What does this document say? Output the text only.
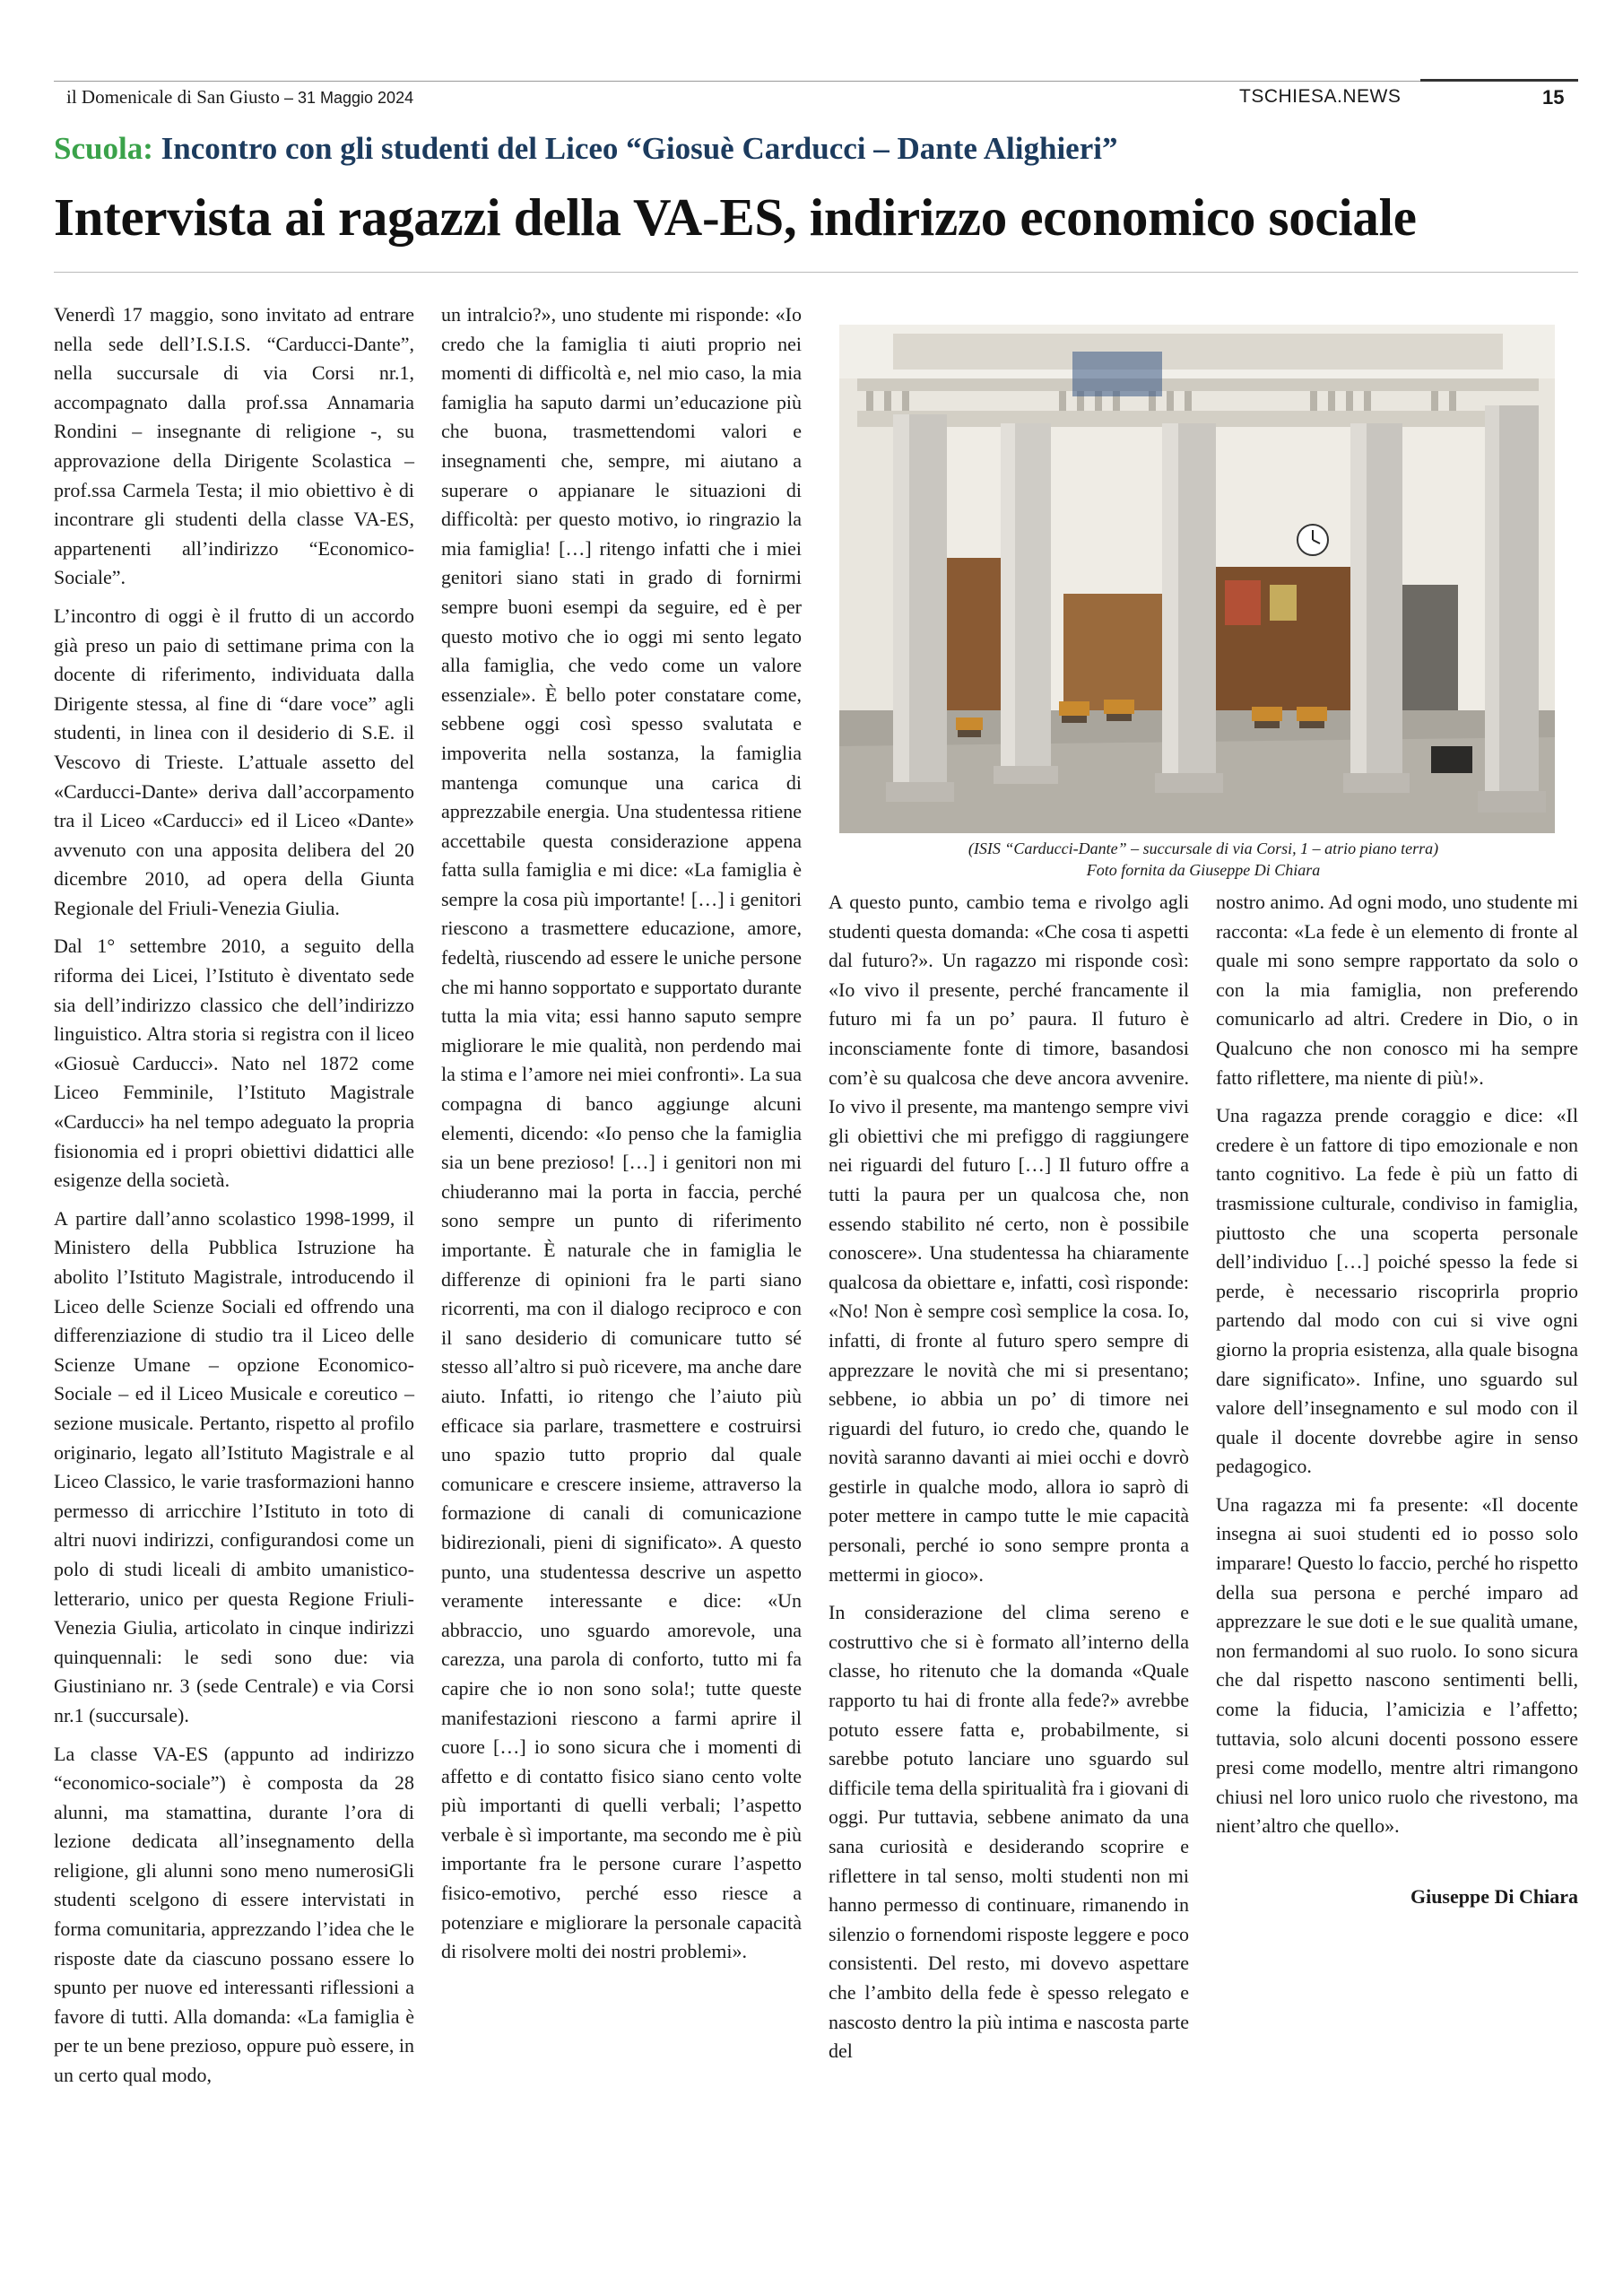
il Domenicale di San Giusto – 31 Maggio 2024	TSCHIESA.NEWS	15
Scuola: Incontro con gli studenti del Liceo “Giosuè Carducci – Dante Alighieri”
Intervista ai ragazzi della VA-ES, indirizzo economico sociale

Venerdì 17 maggio, sono invitato ad entrare nella sede dell’I.S.I.S. “Carducci-Dante”, nella succursale di via Corsi nr.1, accompagnato dalla prof.ssa Annamaria Rondini – insegnante di religione -, su approvazione della Dirigente Scolastica – prof.ssa Carmela Testa; il mio obiettivo è di incontrare gli studenti della classe VA-ES, appartenenti all’indirizzo “Economico-Sociale”.

L’incontro di oggi è il frutto di un accordo già preso un paio di settimane prima con la docente di riferimento, individuata dalla Dirigente stessa, al fine di “dare voce” agli studenti, in linea con il desiderio di S.E. il Vescovo di Trieste. L’attuale assetto del «Carducci-Dante» deriva dall’accorpamento tra il Liceo «Carducci» ed il Liceo «Dante» avvenuto con una apposita delibera del 20 dicembre 2010, ad opera della Giunta Regionale del Friuli-Venezia Giulia.

Dal 1° settembre 2010, a seguito della riforma dei Licei, l’Istituto è diventato sede sia dell’indirizzo classico che dell’indirizzo linguistico. Altra storia si registra con il liceo «Giosuè Carducci». Nato nel 1872 come Liceo Femminile, l’Istituto Magistrale «Carducci» ha nel tempo adeguato la propria fisionomia ed i propri obiettivi didattici alle esigenze della società.

A partire dall’anno scolastico 1998-1999, il Ministero della Pubblica Istruzione ha abolito l’Istituto Magistrale, introducendo il Liceo delle Scienze Sociali ed offrendo una differenziazione di studio tra il Liceo delle Scienze Umane – opzione Economico-Sociale – ed il Liceo Musicale e coreutico – sezione musicale. Pertanto, rispetto al profilo originario, legato all’Istituto Magistrale e al Liceo Classico, le varie trasformazioni hanno permesso di arricchire l’Istituto in toto di altri nuovi indirizzi, configurandosi come un polo di studi liceali di ambito umanistico-letterario, unico per questa Regione Friuli-Venezia Giulia, articolato in cinque indirizzi quinquennali: le sedi sono due: via Giustiniano nr. 3 (sede Centrale) e via Corsi nr.1 (succursale).

La classe VA-ES (appunto ad indirizzo “economico-sociale”) è composta da 28 alunni, ma stamattina, durante l’ora di lezione dedicata all’insegnamento della religione, gli alunni sono meno numerosiGli studenti scelgono di essere intervistati in forma comunitaria, apprezzando l’idea che le risposte date da ciascuno possano essere lo spunto per nuove ed interessanti riflessioni a favore di tutti. Alla domanda: «La famiglia è per te un bene prezioso, oppure può essere, in un certo qual modo,

un intralcio?», uno studente mi risponde: «Io credo che la famiglia ti aiuti proprio nei momenti di difficoltà e, nel mio caso, la mia famiglia ha saputo darmi un’educazione più che buona, trasmettendomi valori e insegnamenti che, sempre, mi aiutano a superare o appianare le situazioni di difficoltà: per questo motivo, io ringrazio la mia famiglia! […] ritengo infatti che i miei genitori siano stati in grado di fornirmi sempre buoni esempi da seguire, ed è per questo motivo che io oggi mi sento legato alla famiglia, che vedo come un valore essenziale». È bello poter constatare come, sebbene oggi così spesso svalutata e impoverita nella sostanza, la famiglia mantenga comunque una carica di apprezzabile energia. Una studentessa ritiene accettabile questa considerazione appena fatta sulla famiglia e mi dice: «La famiglia è sempre la cosa più importante! […] i genitori riescono a trasmettere educazione, amore, fedeltà, riuscendo ad essere le uniche persone che mi hanno sopportato e supportato durante tutta la mia vita; essi hanno saputo sempre migliorare le mie qualità, non perdendo mai la stima e l’amore nei miei confronti». La sua compagna di banco aggiunge alcuni elementi, dicendo: «Io penso che la famiglia sia un bene prezioso! […] i genitori non mi chiuderanno mai la porta in faccia, perché sono sempre un punto di riferimento importante. È naturale che in famiglia le differenze di opinioni fra le parti siano ricorrenti, ma con il dialogo reciproco e con il sano desiderio di comunicare tutto sé stesso all’altro si può ricevere, ma anche dare aiuto. Infatti, io ritengo che l’aiuto più efficace sia parlare, trasmettere e costruirsi uno spazio tutto proprio dal quale comunicare e crescere insieme, attraverso la formazione di canali di comunicazione bidirezionali, pieni di significato». A questo punto, una studentessa descrive un aspetto veramente interessante e dice: «Un abbraccio, uno sguardo amorevole, una carezza, una parola di conforto, tutto mi fa capire che io non sono sola!; tutte queste manifestazioni riescono a farmi aprire il cuore […] io sono sicura che i momenti di affetto e di contatto fisico siano cento volte più importanti di quelli verbali; l’aspetto verbale è sì importante, ma secondo me è più importante fra le persone curare l’aspetto fisico-emotivo, perché esso riesce a potenziare e migliorare la personale capacità di risolvere molti dei nostri problemi».

(ISIS “Carducci-Dante” – succursale di via Corsi, 1 – atrio piano terra)
Foto fornita da Giuseppe Di Chiara

A questo punto, cambio tema e rivolgo agli studenti questa domanda: «Che cosa ti aspetti dal futuro?». Un ragazzo mi risponde così: «Io vivo il presente, perché francamente il futuro mi fa un po’ paura. Il futuro è inconsciamente fonte di timore, basandosi com’è su qualcosa che deve ancora avvenire. Io vivo il presente, ma mantengo sempre vivi gli obiettivi che mi prefiggo di raggiungere nei riguardi del futuro […] Il futuro offre a tutti la paura per un qualcosa che, non essendo stabilito né certo, non è possibile conoscere». Una studentessa ha chiaramente qualcosa da obiettare e, infatti, così risponde: «No! Non è sempre così semplice la cosa. Io, infatti, di fronte al futuro spero sempre di apprezzare le novità che mi si presentano; sebbene, io abbia un po’ di timore nei riguardi del futuro, io credo che, quando le novità saranno davanti ai miei occhi e dovrò gestirle in qualche modo, allora io saprò di poter mettere in campo tutte le mie capacità personali, perché io sono sempre pronta a mettermi in gioco».

In considerazione del clima sereno e costruttivo che si è formato all’interno della classe, ho ritenuto che la domanda «Quale rapporto tu hai di fronte alla fede?» avrebbe potuto essere fatta e, probabilmente, si sarebbe potuto lanciare uno sguardo sul difficile tema della spiritualità fra i giovani di oggi. Pur tuttavia, sebbene animato da una sana curiosità e desiderando scoprire e riflettere in tal senso, molti studenti non mi hanno permesso di continuare, rimanendo in silenzio o fornendomi risposte leggere e poco consistenti. Del resto, mi dovevo aspettare che l’ambito della fede è spesso relegato e nascosto dentro la più intima e nascosta parte del

nostro animo. Ad ogni modo, uno studente mi racconta: «La fede è un elemento di fronte al quale mi sono sempre rapportato da solo o con la mia famiglia, non preferendo comunicarlo ad altri. Credere in Dio, o in Qualcuno che non conosco mi ha sempre fatto riflettere, ma niente di più!».

Una ragazza prende coraggio e dice: «Il credere è un fattore di tipo emozionale e non tanto cognitivo. La fede è più un fatto di trasmissione culturale, condiviso in famiglia, piuttosto che una scoperta personale dell’individuo […] poiché spesso la fede si perde, è necessario riscoprirla proprio partendo dal modo con cui si vive ogni giorno la propria esistenza, alla quale bisogna dare significato». Infine, uno sguardo sul valore dell’insegnamento e sul modo con il quale il docente dovrebbe agire in senso pedagogico.

Una ragazza mi fa presente: «Il docente insegna ai suoi studenti ed io posso solo imparare! Questo lo faccio, perché ho rispetto della sua persona e perché imparo ad apprezzare le sue doti e le sue qualità umane, non fermandomi al suo ruolo. Io sono sicura che dal rispetto nascono sentimenti belli, come la fiducia, l’amicizia e l’affetto; tuttavia, solo alcuni docenti possono essere presi come modello, mentre altri rimangono chiusi nel loro unico ruolo che rivestono, ma nient’altro che quello».

Giuseppe Di Chiara
